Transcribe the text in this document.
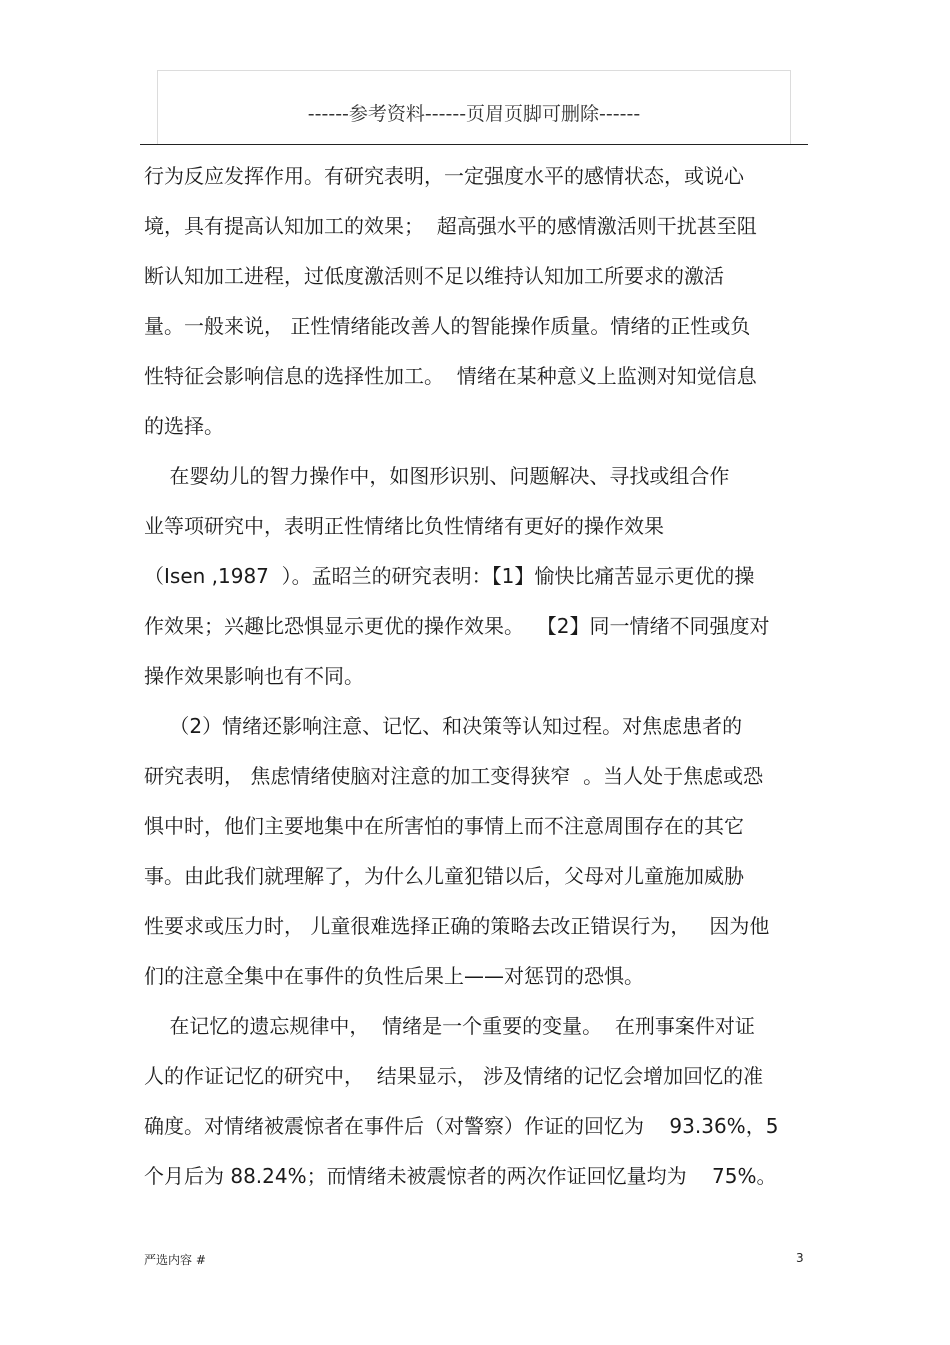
------参考资料------页眉页脚可删除------
行为反应发挥作用。有研究表明，一定强度水平的感情状态，或说心
境，具有提高认知加工的效果；  超高强水平的感情激活则干扰甚至阻
断认知加工进程，过低度激活则不足以维持认知加工所要求的激活
量。一般来说， 正性情绪能改善人的智能操作质量。情绪的正性或负
性特征会影响信息的选择性加工。  情绪在某种意义上监测对知觉信息
的选择。
在婴幼儿的智力操作中，如图形识别、问题解决、寻找或组合作
业等项研究中，表明正性情绪比负性情绪有更好的操作效果
（Isen ,1987  ）。孟昭兰的研究表明：【1】愉快比痛苦显示更优的操
作效果；兴趣比恐惧显示更优的操作效果。  【2】同一情绪不同强度对
操作效果影响也有不同。
（2）情绪还影响注意、记忆、和决策等认知过程。对焦虑患者的
研究表明， 焦虑情绪使脑对注意的加工变得狭窄  。当人处于焦虑或恐
惧中时，他们主要地集中在所害怕的事情上而不注意周围存在的其它
事。由此我们就理解了，为什么儿童犯错以后，父母对儿童施加威胁
性要求或压力时， 儿童很难选择正确的策略去改正错误行为，   因为他
们的注意全集中在事件的负性后果上——对惩罚的恐惧。
在记忆的遗忘规律中，  情绪是一个重要的变量。  在刑事案件对证
人的作证记忆的研究中，  结果显示， 涉及情绪的记忆会增加回忆的准
确度。对情绪被震惊者在事件后（对警察）作证的回忆为    93.36%，5
个月后为 88.24%；而情绪未被震惊者的两次作证回忆量均为    75%。
严选内容 #	3
